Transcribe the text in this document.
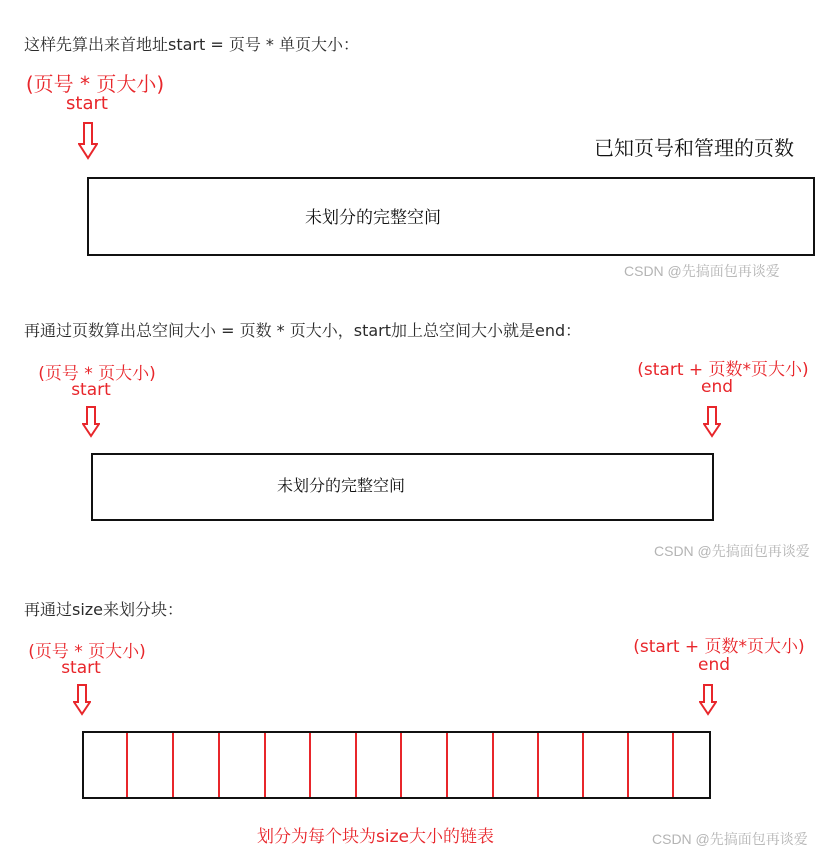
这样先算出来首地址start = 页号 * 单页大小：
(页号 * 页大小)
start
已知页号和管理的页数
未划分的完整空间
CSDN @先搞面包再谈爱
再通过页数算出总空间大小 = 页数 * 页大小，start加上总空间大小就是end：
(页号 * 页大小)
start
(start + 页数*页大小)
end
未划分的完整空间
CSDN @先搞面包再谈爱
再通过size来划分块：
(页号 * 页大小)
start
(start + 页数*页大小)
end
划分为每个块为size大小的链表	CSDN @先搞面包再谈爱
